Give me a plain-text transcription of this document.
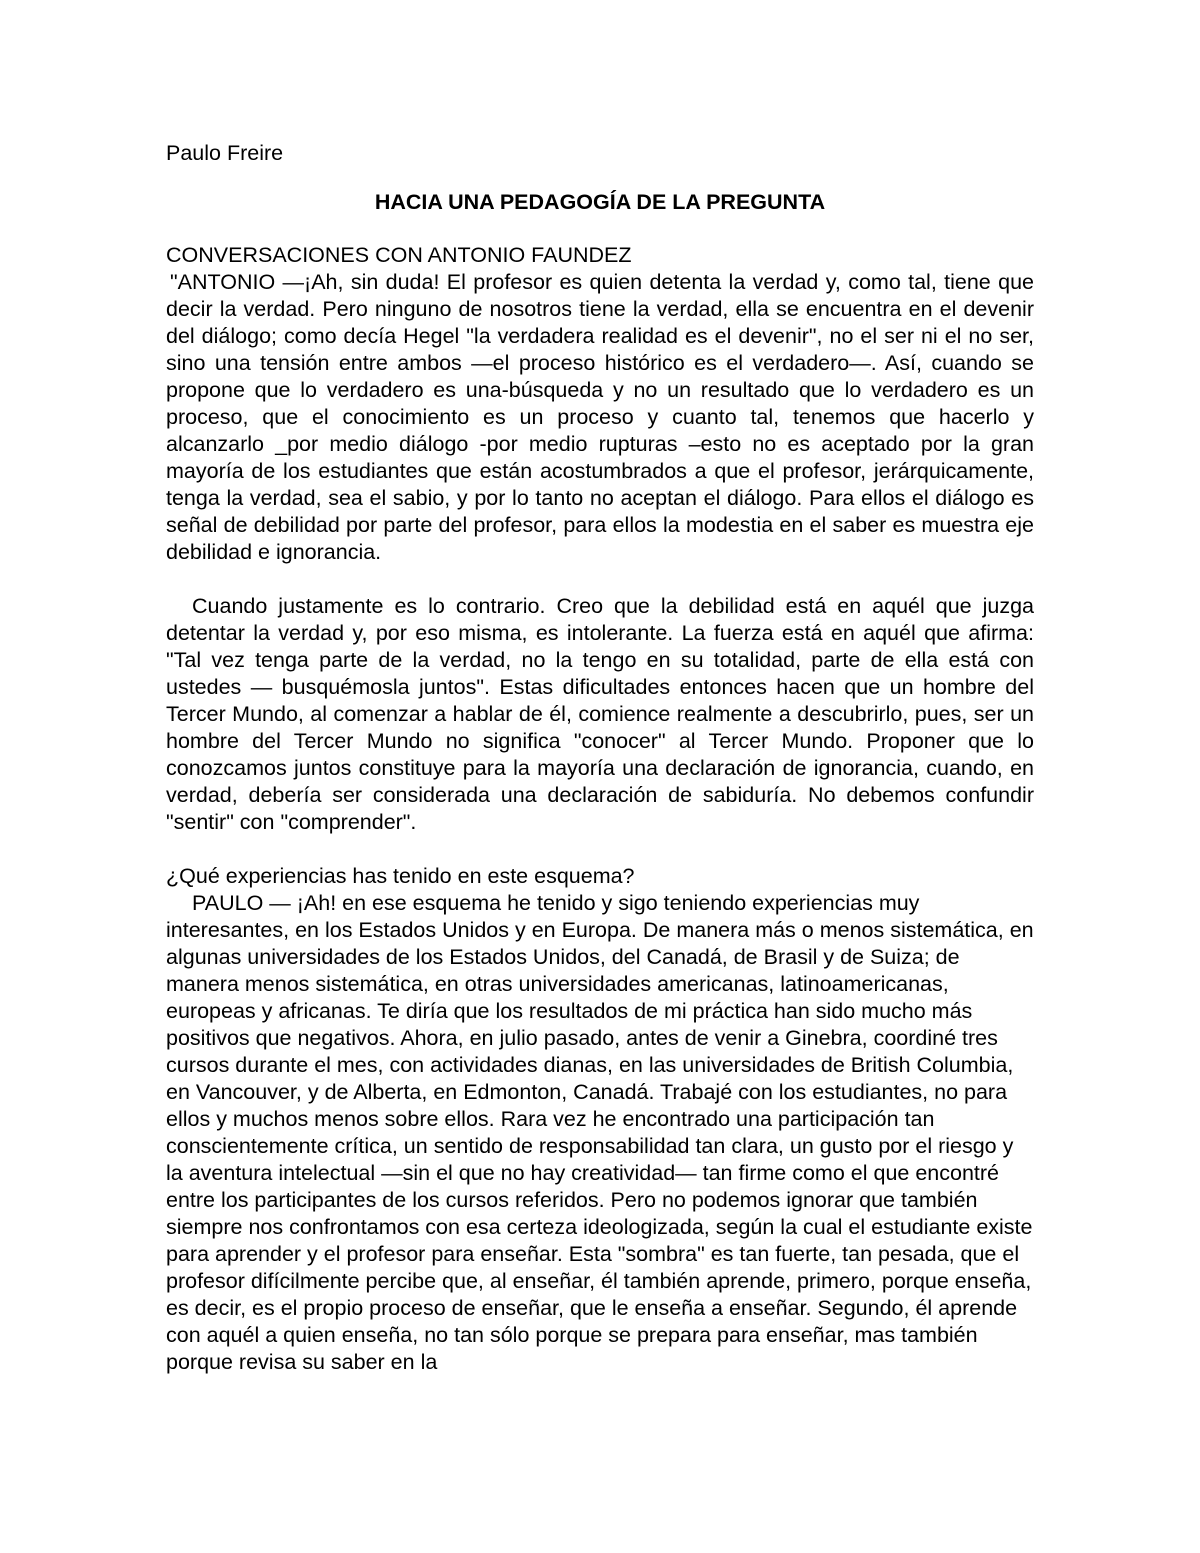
Paulo Freire

HACIA UNA PEDAGOGÍA DE LA PREGUNTA

CONVERSACIONES CON ANTONIO FAUNDEZ

"ANTONIO —¡Ah, sin duda! El profesor es quien detenta la verdad y, como tal, tiene que decir la verdad. Pero ninguno de nosotros tiene la verdad, ella se encuentra en el devenir del diálogo; como decía Hegel "la verdadera realidad es el devenir", no el ser ni el no ser, sino una tensión entre ambos —el proceso histórico es el verdadero—. Así, cuando se propone que lo verdadero es una-búsqueda y no un resultado que lo verdadero es un proceso, que el conocimiento es un proceso y cuanto tal, tenemos que hacerlo y alcanzarlo _por medio diálogo -por medio rupturas –esto no es aceptado por la gran mayoría de los estudiantes que están acostumbrados a que el profesor, jerárquicamente, tenga la verdad, sea el sabio, y por lo tanto no aceptan el diálogo. Para ellos el diálogo es señal de debilidad por parte del profesor, para ellos la modestia en el saber es muestra eje debilidad e ignorancia.

Cuando justamente es lo contrario. Creo que la debilidad está en aquél que juzga detentar la verdad y, por eso misma, es intolerante. La fuerza está en aquél que afirma: "Tal vez tenga parte de la verdad, no la tengo en su totalidad, parte de ella está con ustedes — busquémosla juntos". Estas dificultades entonces hacen que un hombre del Tercer Mundo, al comenzar a hablar de él, comience realmente a descubrirlo, pues, ser un hombre del Tercer Mundo no significa "conocer" al Tercer Mundo. Proponer que lo conozcamos juntos constituye para la mayoría una declaración de ignorancia, cuando, en verdad, debería ser considerada una declaración de sabiduría. No debemos confundir "sentir" con "comprender".

¿Qué experiencias has tenido en este esquema?

PAULO — ¡Ah! en ese esquema he tenido y sigo teniendo experiencias muy interesantes, en los Estados Unidos y en Europa. De manera más o menos sistemática, en algunas universidades de los Estados Unidos, del Canadá, de Brasil y de Suiza; de manera menos sistemática, en otras universidades americanas, latinoamericanas, europeas y africanas. Te diría que los resultados de mi práctica han sido mucho más positivos que negativos. Ahora, en julio pasado, antes de venir a Ginebra, coordiné tres cursos durante el mes, con actividades dianas, en las universidades de British Columbia, en Vancouver, y de Alberta, en Edmonton, Canadá. Trabajé con los estudiantes, no para ellos y muchos menos sobre ellos. Rara vez he encontrado una participación tan conscientemente crítica, un sentido de responsabilidad tan clara, un gusto por el riesgo y la aventura intelectual —sin el que no hay creatividad— tan firme como el que encontré entre los participantes de los cursos referidos. Pero no podemos ignorar que también siempre nos confrontamos con esa certeza ideologizada, según la cual el estudiante existe para aprender y el profesor para enseñar. Esta "sombra" es tan fuerte, tan pesada, que el profesor difícilmente percibe que, al enseñar, él también aprende, primero, porque enseña, es decir, es el propio proceso de enseñar, que le enseña a enseñar. Segundo, él aprende con aquél a quien enseña, no tan sólo porque se prepara para enseñar, mas también porque revisa su saber en la
